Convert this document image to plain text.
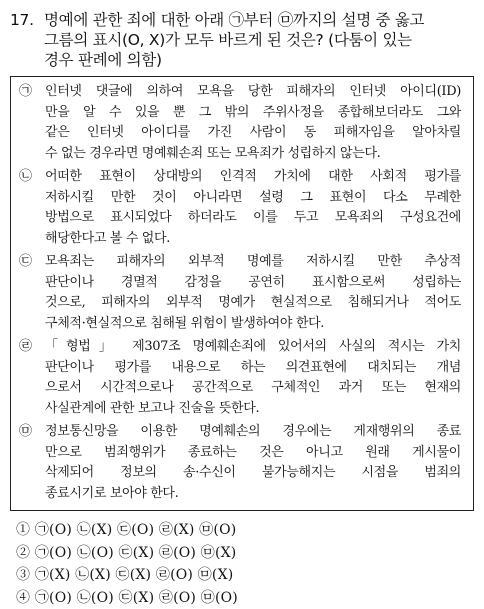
17. 명예에 관한 죄에 대한 아래 ㉠부터 ㉤까지의 설명 중 옳고
그름의 표시(O, X)가 모두 바르게 된 것은? (다툼이 있는
경우 판례에 의함)
㉠ 인터넷 댓글에 의하여 모욕을 당한 피해자의 인터넷 아이디(ID)
만을 알 수 있을 뿐 그 밖의 주위사정을 종합해보더라도 그와
같은 인터넷 아이디를 가진 사람이 동 피해자임을 알아차릴
수 없는 경우라면 명예훼손죄 또는 모욕죄가 성립하지 않는다.
㉡ 어떠한 표현이 상대방의 인격적 가치에 대한 사회적 평가를
저하시킬 만한 것이 아니라면 설령 그 표현이 다소 무례한
방법으로 표시되었다 하더라도 이를 두고 모욕죄의 구성요건에
해당한다고 볼 수 없다.
㉢ 모욕죄는 피해자의 외부적 명예를 저하시킬 만한 추상적
판단이나 경멸적 감정을 공연히 표시함으로써 성립하는
것으로, 피해자의 외부적 명예가 현실적으로 침해되거나 적어도
구체적·현실적으로 침해될 위험이 발생하여야 한다.
㉣ 「형법」 제307조 명예훼손죄에 있어서의 사실의 적시는 가치
판단이나 평가를 내용으로 하는 의견표현에 대치되는 개념
으로서 시간적으로나 공간적으로 구체적인 과거 또는 현재의
사실관계에 관한 보고나 진술을 뜻한다.
㉤ 정보통신망을 이용한 명예훼손의 경우에는 게재행위의 종료
만으로 범죄행위가 종료하는 것은 아니고 원래 게시물이
삭제되어 정보의 송·수신이 불가능해지는 시점을 범죄의
종료시기로 보아야 한다.
① ㉠(O) ㉡(X) ㉢(O) ㉣(X) ㉤(O)
② ㉠(O) ㉡(O) ㉢(X) ㉣(O) ㉤(X)
③ ㉠(X) ㉡(X) ㉢(X) ㉣(O) ㉤(X)
④ ㉠(O) ㉡(O) ㉢(X) ㉣(O) ㉤(O)
